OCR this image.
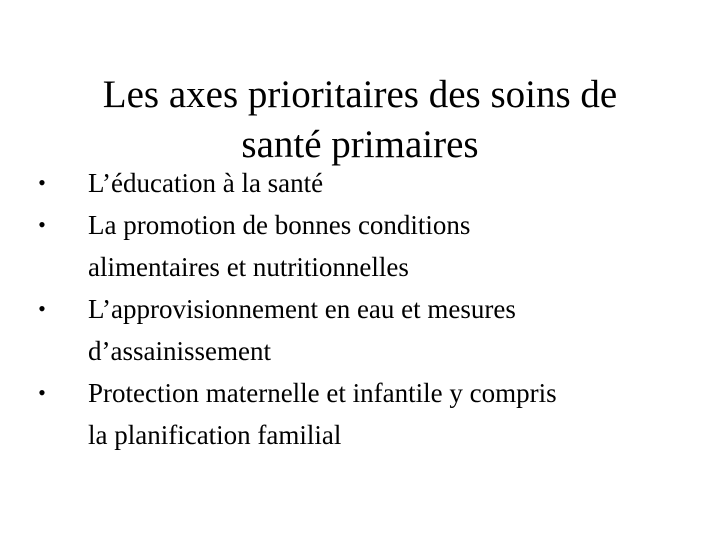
Les axes prioritaires des soins de
santé primaires
• L’éducation à la santé
• La promotion de bonnes conditions
alimentaires et nutritionnelles
• L’approvisionnement en eau et mesures
d’assainissement
• Protection maternelle et infantile y compris
la planification familial
